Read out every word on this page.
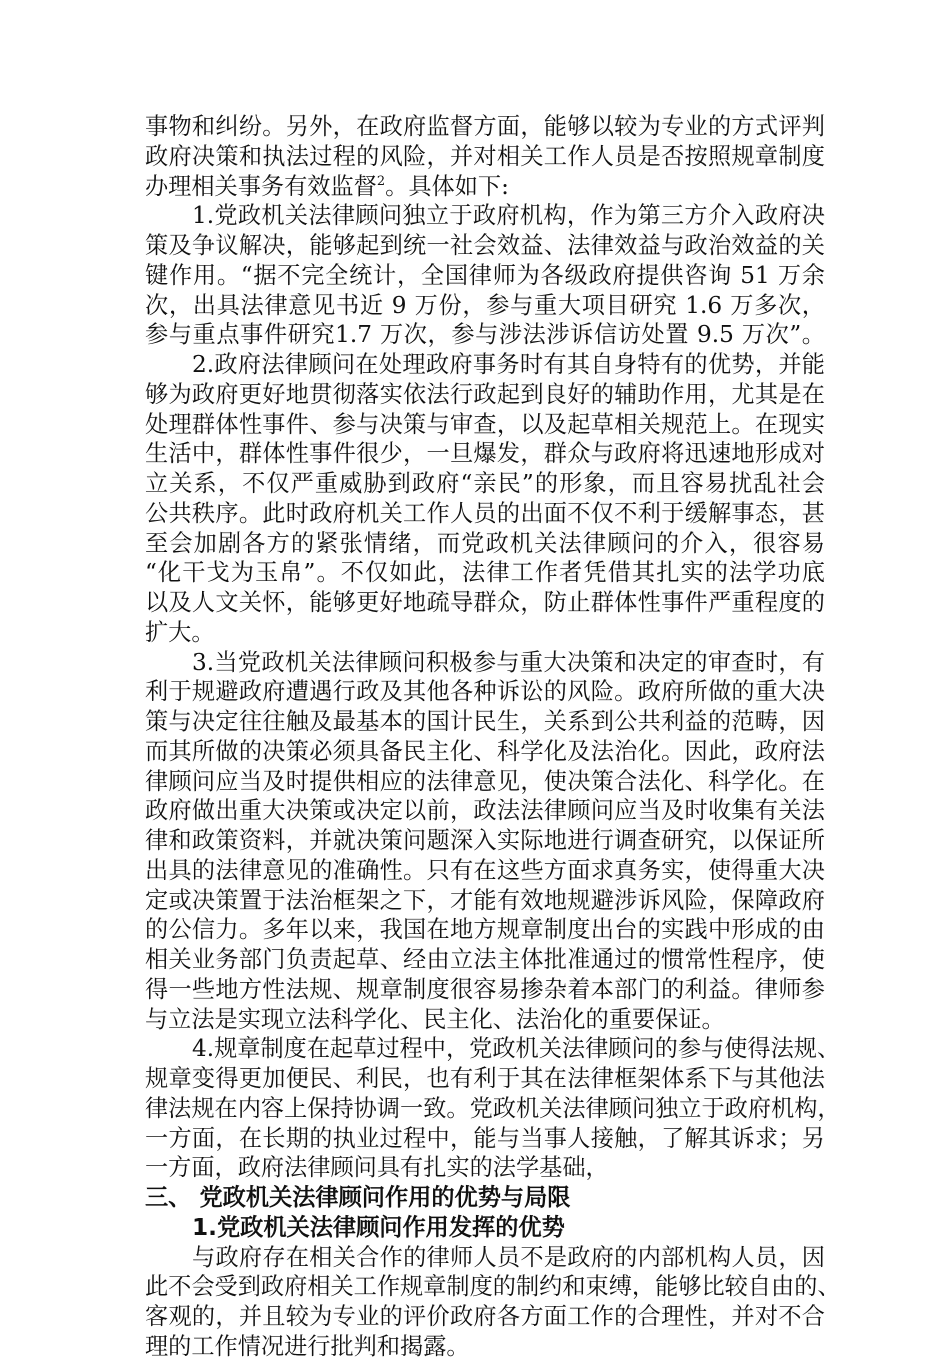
事物和纠纷。另外，在政府监督方面，能够以较为专业的方式评判
政府决策和执法过程的风险，并对相关工作人员是否按照规章制度
办理相关事务有效监督$^2$。具体如下:
1.党政机关法律顾问独立于政府机构，作为第三方介入政府决
策及争议解决，能够起到统一社会效益、法律效益与政治效益的关
键作用。“据不完全统计，全国律师为各级政府提供咨询 51 万余
次，出具法律意见书近 9 万份，参与重大项目研究 1.6 万多次，
参与重点事件研究1.7 万次，参与涉法涉诉信访处置 9.5 万次”。
2.政府法律顾问在处理政府事务时有其自身特有的优势，并能
够为政府更好地贯彻落实依法行政起到良好的辅助作用，尤其是在
处理群体性事件、参与决策与审查，以及起草相关规范上。在现实
生活中，群体性事件很少，一旦爆发，群众与政府将迅速地形成对
立关系，不仅严重威胁到政府“亲民”的形象，而且容易扰乱社会
公共秩序。此时政府机关工作人员的出面不仅不利于缓解事态，甚
至会加剧各方的紧张情绪，而党政机关法律顾问的介入，很容易
“化干戈为玉帛”。不仅如此，法律工作者凭借其扎实的法学功底
以及人文关怀，能够更好地疏导群众，防止群体性事件严重程度的
扩大。
3.当党政机关法律顾问积极参与重大决策和决定的审查时，有
利于规避政府遭遇行政及其他各种诉讼的风险。政府所做的重大决
策与决定往往触及最基本的国计民生，关系到公共利益的范畴，因
而其所做的决策必须具备民主化、科学化及法治化。因此，政府法
律顾问应当及时提供相应的法律意见，使决策合法化、科学化。在
政府做出重大决策或决定以前，政法法律顾问应当及时收集有关法
律和政策资料，并就决策问题深入实际地进行调查研究，以保证所
出具的法律意见的准确性。只有在这些方面求真务实，使得重大决
定或决策置于法治框架之下，才能有效地规避涉诉风险，保障政府
的公信力。多年以来，我国在地方规章制度出台的实践中形成的由
相关业务部门负责起草、经由立法主体批准通过的惯常性程序，使
得一些地方性法规、规章制度很容易掺杂着本部门的利益。律师参
与立法是实现立法科学化、民主化、法治化的重要保证。
4.规章制度在起草过程中，党政机关法律顾问的参与使得法规、
规章变得更加便民、利民，也有利于其在法律框架体系下与其他法
律法规在内容上保持协调一致。党政机关法律顾问独立于政府机构，
一方面，在长期的执业过程中，能与当事人接触，了解其诉求；另
一方面，政府法律顾问具有扎实的法学基础，
三、 党政机关法律顾问作用的优势与局限
1.党政机关法律顾问作用发挥的优势
与政府存在相关合作的律师人员不是政府的内部机构人员，因
此不会受到政府相关工作规章制度的制约和束缚，能够比较自由的、
客观的，并且较为专业的评价政府各方面工作的合理性，并对不合
理的工作情况进行批判和揭露。
